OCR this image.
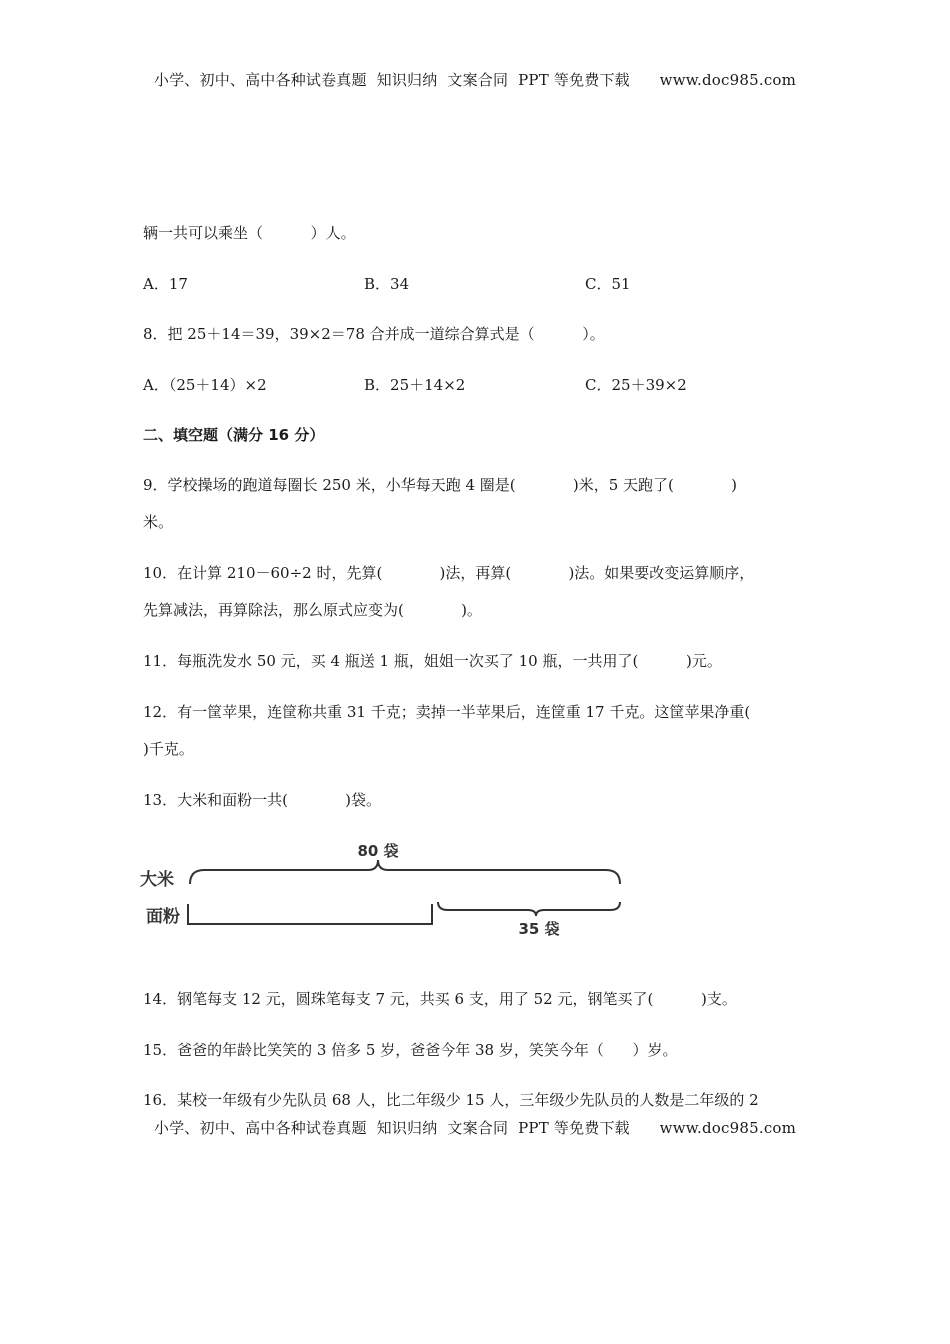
小学、初中、高中各种试卷真题  知识归纳  文案合同  PPT 等免费下载      www.doc985.com
辆一共可以乘坐（          ）人。
A．17	B．34	C．51
8．把 25＋14＝39，39×2＝78 合并成一道综合算式是（          ）。
A．（25＋14）×2	B．25＋14×2	C．25＋39×2
二、填空题（满分 16 分）
9．学校操场的跑道每圈长 250 米，小华每天跑 4 圈是(            )米，5 天跑了(            )
米。
10．在计算 210－60÷2 时，先算(            )法，再算(            )法。如果要改变运算顺序，
先算减法，再算除法，那么原式应变为(            )。
11．每瓶洗发水 50 元，买 4 瓶送 1 瓶，姐姐一次买了 10 瓶，一共用了(          )元。
12．有一筐苹果，连筐称共重 31 千克；卖掉一半苹果后，连筐重 17 千克。这筐苹果净重(
)千克。
13．大米和面粉一共(            )袋。
80 袋
大米
面粉
35 袋
14．钢笔每支 12 元，圆珠笔每支 7 元，共买 6 支，用了 52 元，钢笔买了(          )支。
15．爸爸的年龄比笑笑的 3 倍多 5 岁，爸爸今年 38 岁，笑笑今年（      ）岁。
16．某校一年级有少先队员 68 人，比二年级少 15 人，三年级少先队员的人数是二年级的 2
小学、初中、高中各种试卷真题  知识归纳  文案合同  PPT 等免费下载      www.doc985.com
